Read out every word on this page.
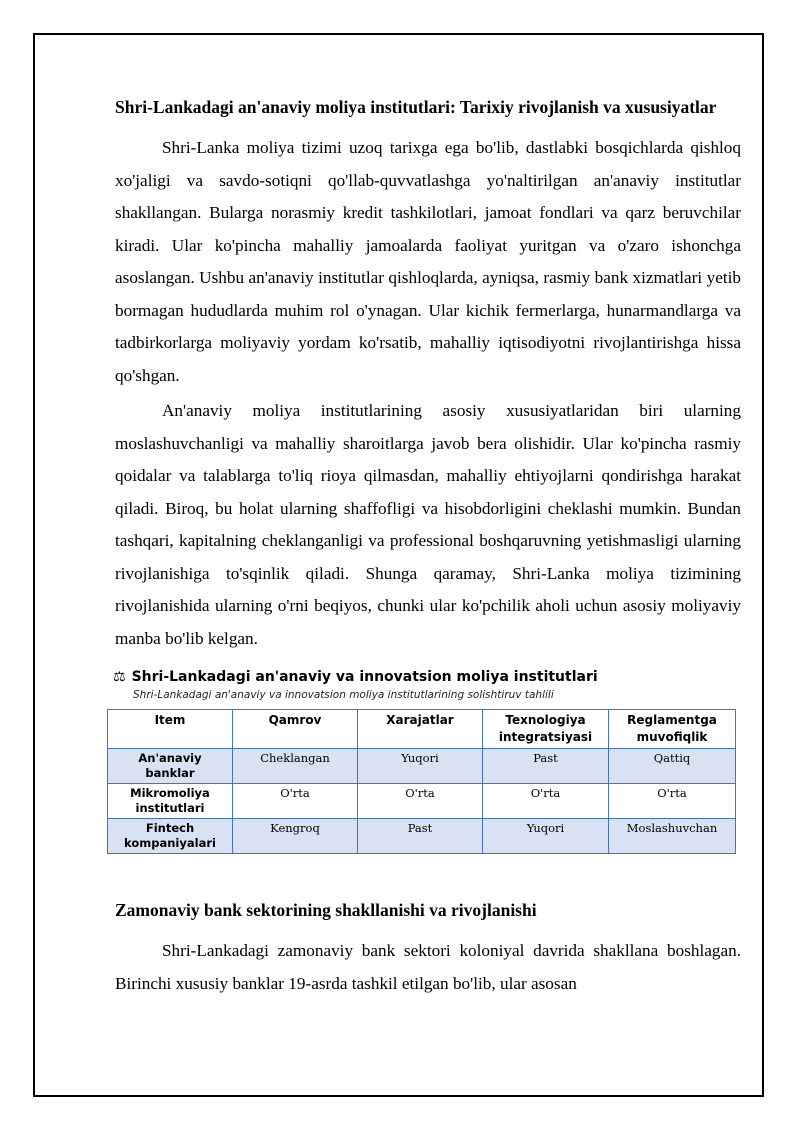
Shri-Lankadagi an'anaviy moliya institutlari: Tarixiy rivojlanish va xususiyatlar

Shri-Lanka moliya tizimi uzoq tarixga ega bo'lib, dastlabki bosqichlarda qishloq xo'jaligi va savdo-sotiqni qo'llab-quvvatlashga yo'naltirilgan an'anaviy institutlar shakllangan. Bularga norasmiy kredit tashkilotlari, jamoat fondlari va qarz beruvchilar kiradi. Ular ko'pincha mahalliy jamoalarda faoliyat yuritgan va o'zaro ishonchga asoslangan. Ushbu an'anaviy institutlar qishloqlarda, ayniqsa, rasmiy bank xizmatlari yetib bormagan hududlarda muhim rol o'ynagan. Ular kichik fermerlarga, hunarmandlarga va tadbirkorlarga moliyaviy yordam ko'rsatib, mahalliy iqtisodiyotni rivojlantirishga hissa qo'shgan.

An'anaviy moliya institutlarining asosiy xususiyatlaridan biri ularning moslashuvchanligi va mahalliy sharoitlarga javob bera olishidir. Ular ko'pincha rasmiy qoidalar va talablarga to'liq rioya qilmasdan, mahalliy ehtiyojlarni qondirishga harakat qiladi. Biroq, bu holat ularning shaffofligi va hisobdorligini cheklashi mumkin. Bundan tashqari, kapitalning cheklanganligi va professional boshqaruvning yetishmasligi ularning rivojlanishiga to'sqinlik qiladi. Shunga qaramay, Shri-Lanka moliya tizimining rivojlanishida ularning o'rni beqiyos, chunki ular ko'pchilik aholi uchun asosiy moliyaviy manba bo'lib kelgan.

⚖ Shri-Lankadagi an'anaviy va innovatsion moliya institutlari
Shri-Lankadagi an'anaviy va innovatsion moliya institutlarining solishtiruv tahlili
Item	Qamrov	Xarajatlar	Texnologiya integratsiyasi	Reglamentga muvofiqlik
An'anaviy banklar	Cheklangan	Yuqori	Past	Qattiq
Mikromoliya institutlari	O'rta	O'rta	O'rta	O'rta
Fintech kompaniyalari	Kengroq	Past	Yuqori	Moslashuvchan
Zamonaviy bank sektorining shakllanishi va rivojlanishi

Shri-Lankadagi zamonaviy bank sektori koloniyal davrida shakllana boshlagan. Birinchi xususiy banklar 19-asrda tashkil etilgan bo'lib, ular asosan
